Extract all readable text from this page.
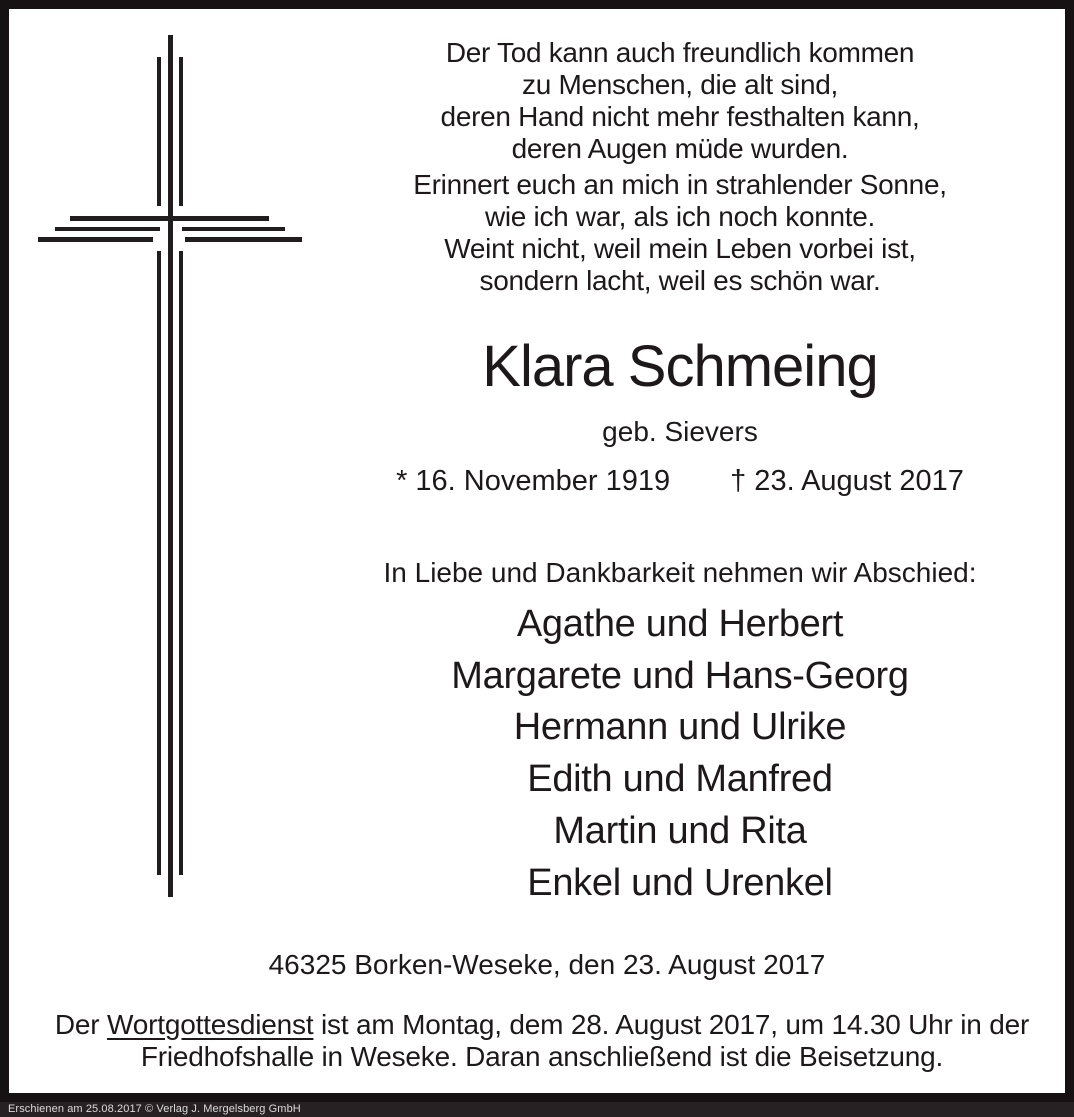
Der Tod kann auch freundlich kommen
zu Menschen, die alt sind,
deren Hand nicht mehr festhalten kann,
deren Augen müde wurden.
Erinnert euch an mich in strahlender Sonne,
wie ich war, als ich noch konnte.
Weint nicht, weil mein Leben vorbei ist,
sondern lacht, weil es schön war.
Klara Schmeing
geb. Sievers
* 16. November 1919 † 23. August 2017
In Liebe und Dankbarkeit nehmen wir Abschied:
Agathe und Herbert
Margarete und Hans-Georg
Hermann und Ulrike
Edith und Manfred
Martin und Rita
Enkel und Urenkel
46325 Borken-Weseke, den 23. August 2017
Der Wortgottesdienst ist am Montag, dem 28. August 2017, um 14.30 Uhr in der
Friedhofshalle in Weseke. Daran anschließend ist die Beisetzung.
Erschienen am 25.08.2017 © Verlag J. Mergelsberg GmbH
